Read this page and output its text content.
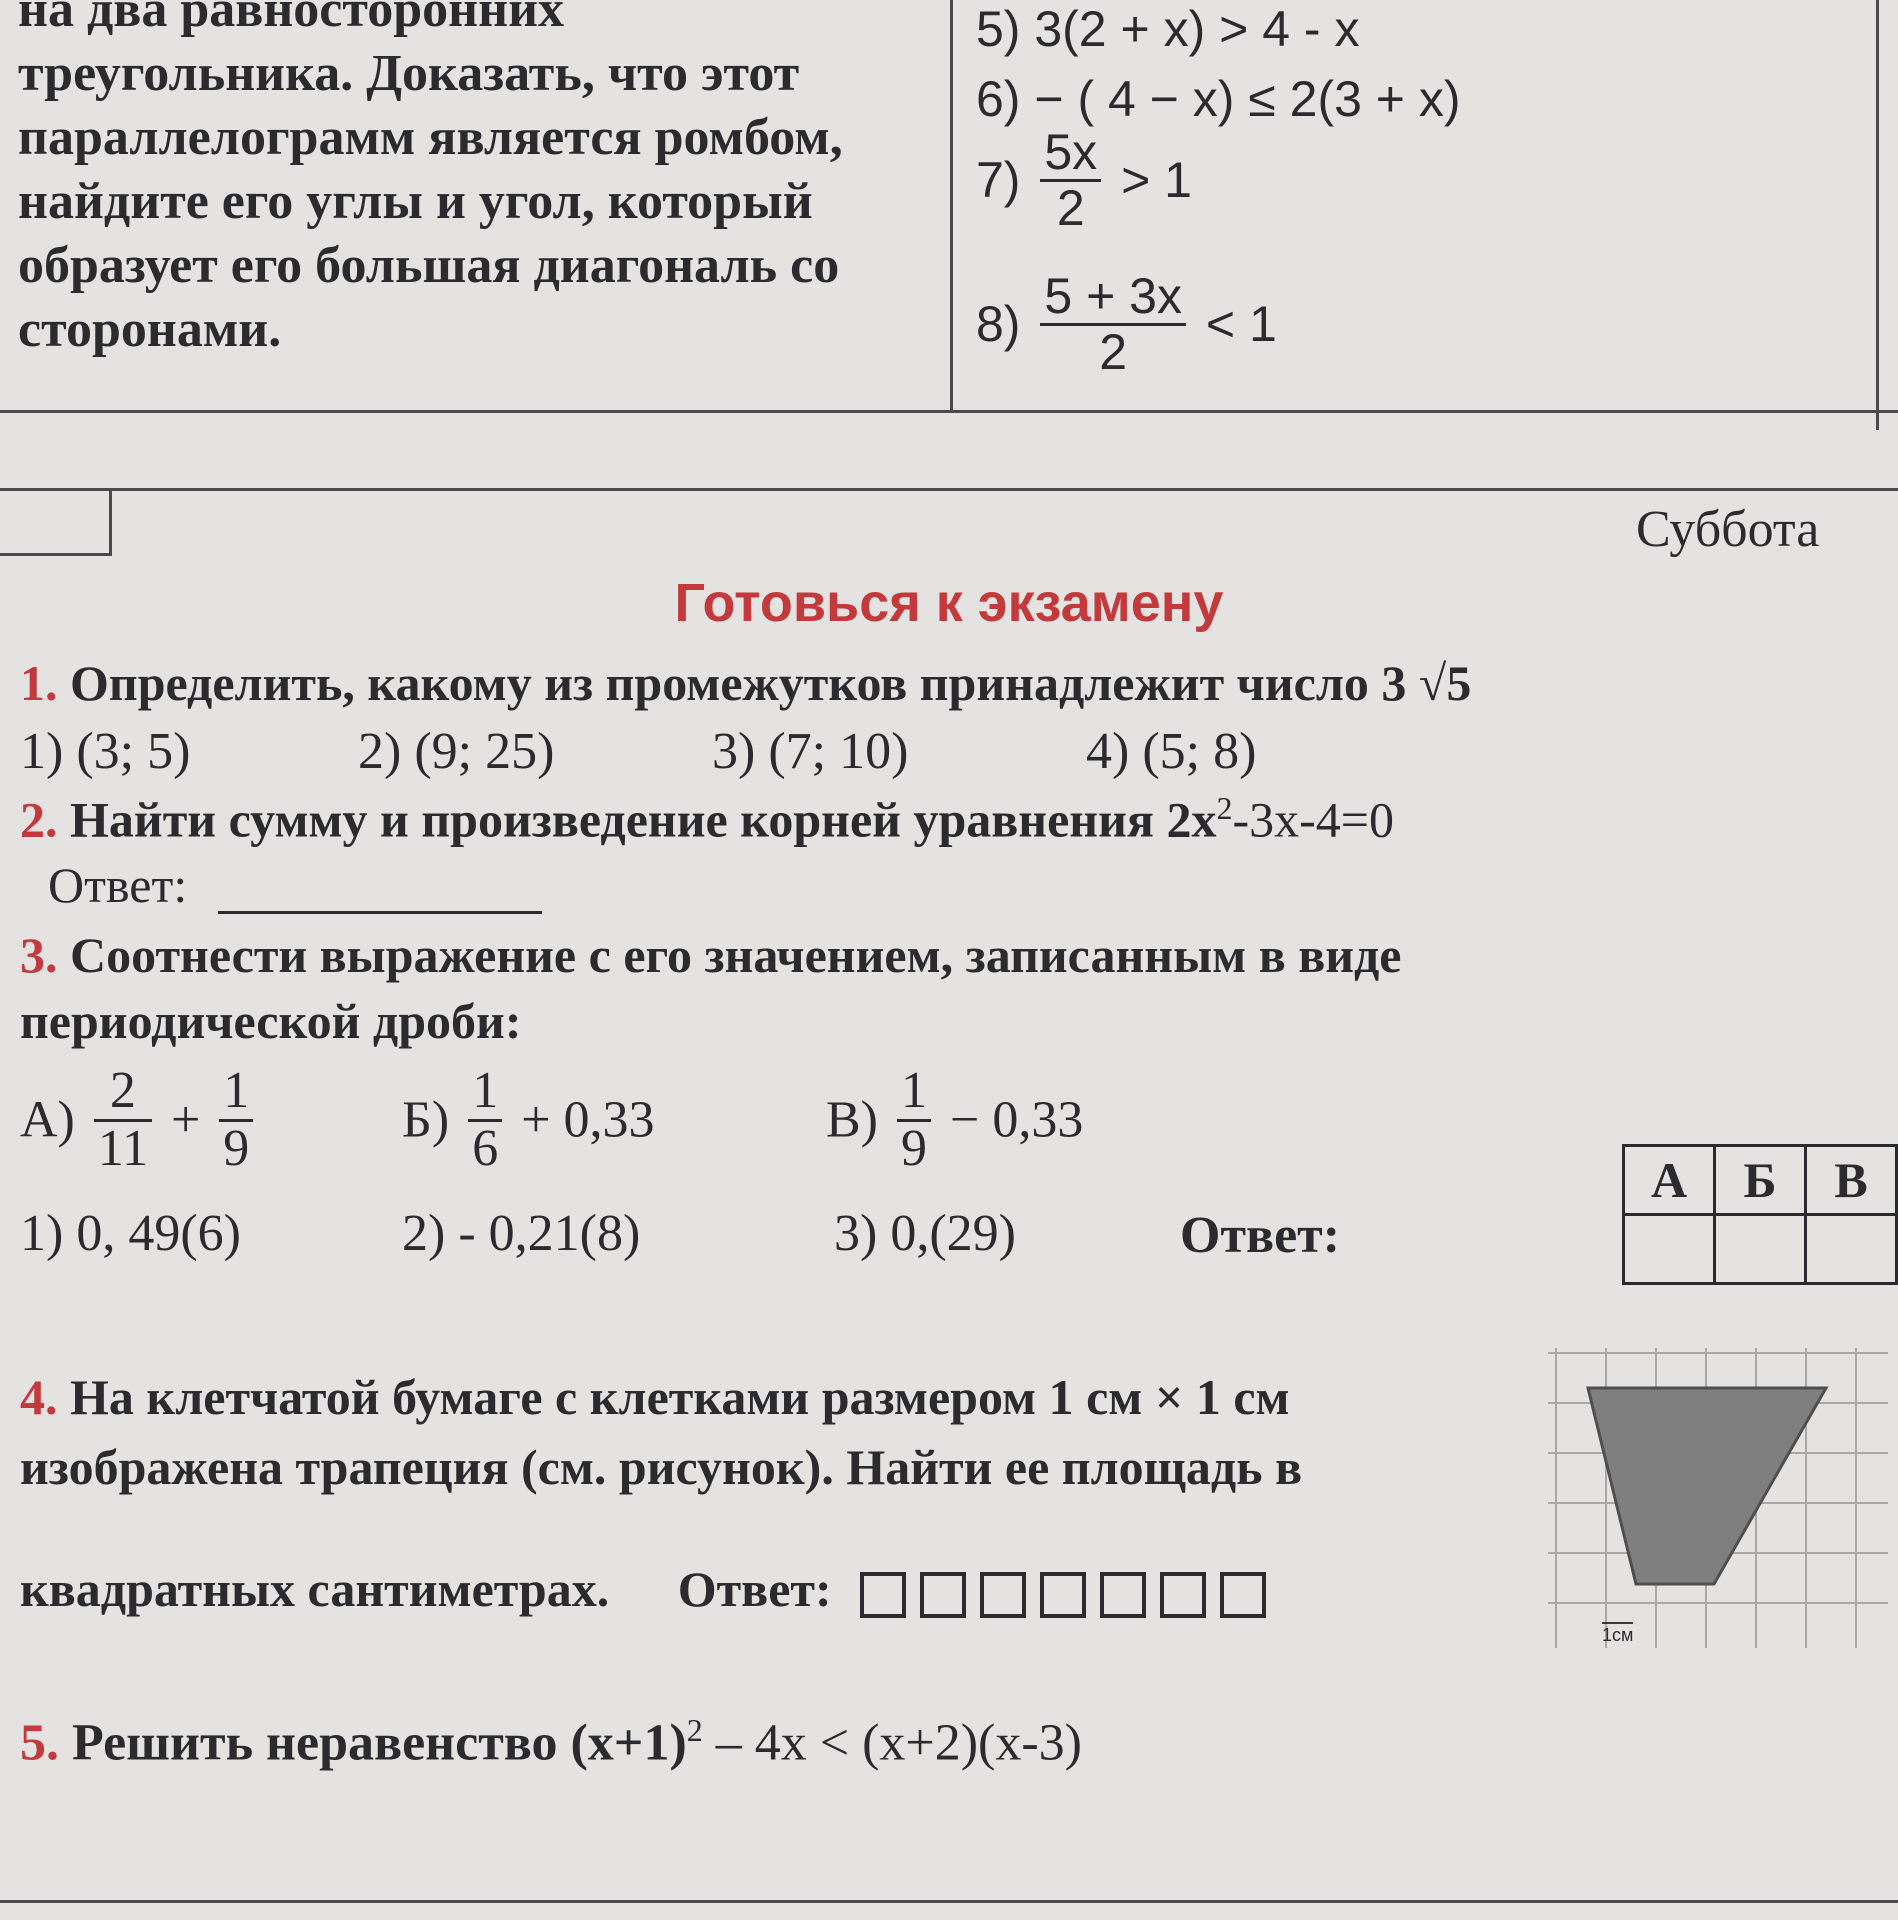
на два равносторонних
треугольника. Доказать, что этот
параллелограмм является ромбом,
найдите его углы и угол, который
образует его большая диагональ со
сторонами.
5) 3(2 + x) > 4 - x
6) − ( 4 − x) ≤ 2(3 + x)
$7) \frac{5x}{2} > 1$
$8) \frac{5 + 3x}{2} < 1$
Суббота
Готовься к экзамену
1. Определить, какому из промежутков принадлежит число 3 √5
1) (3; 5)	2) (9; 25)	3) (7; 10)	4) (5; 8)
2. Найти сумму и произведение корней уравнения $2x^2-3x-4=0$
Ответ:
3. Соотнести выражение с его значением, записанным в виде
периодической дроби:
$А) \frac{2}{11} + \frac{1}{9}$	$Б) \frac{1}{6} + 0,33$	$В) \frac{1}{9} - 0,33$
1) 0, 49(6)	2) - 0,21(8)	3) 0,(29)	Ответ:
А	Б	В

4. На клетчатой бумаге с клетками размером 1 см × 1 см
изображена трапеция (см. рисунок). Найти ее площадь в
квадратных сантиметрах. Ответ:
1см
5. Решить неравенство $(x+1)^2 - 4x < (x+2)(x-3)$
